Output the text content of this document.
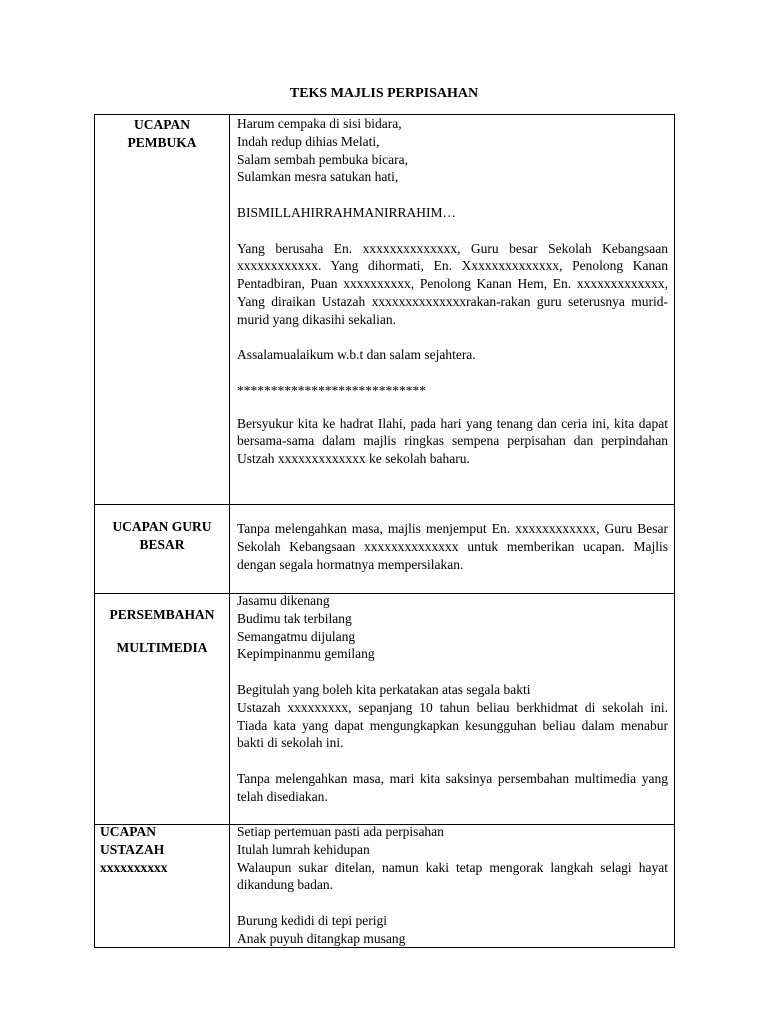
TEKS MAJLIS PERPISAHAN
UCAPAN
PEMBUKA

Harum cempaka di sisi bidara,

Indah redup dihias Melati,

Salam sembah pembuka bicara,

Sulamkan mesra satukan hati,

BISMILLAHIRRAHMANIRRAHIM…

Yang berusaha En. xxxxxxxxxxxxxx, Guru besar Sekolah Kebangsaan xxxxxxxxxxxx. Yang dihormati, En. Xxxxxxxxxxxxxx, Penolong Kanan Pentadbiran, Puan xxxxxxxxxx, Penolong Kanan Hem, En. xxxxxxxxxxxxx, Yang diraikan Ustazah xxxxxxxxxxxxxxrakan-rakan guru seterusnya murid-murid yang dikasihi sekalian.

Assalamualaikum w.b.t dan salam sejahtera.

****************************

Bersyukur kita ke hadrat Ilahi, pada hari yang tenang dan ceria ini, kita dapat bersama-sama dalam majlis ringkas sempena perpisahan dan perpindahan Ustzah xxxxxxxxxxxxx ke sekolah baharu.

UCAPAN GURU
BESAR

Tanpa melengahkan masa, majlis menjemput En. xxxxxxxxxxxx, Guru Besar Sekolah Kebangsaan xxxxxxxxxxxxxx untuk memberikan ucapan. Majlis dengan segala hormatnya mempersilakan.

PERSEMBAHAN
MULTIMEDIA

Jasamu dikenang

Budimu tak terbilang

Semangatmu dijulang

Kepimpinanmu gemilang

Begitulah yang boleh kita perkatakan atas segala bakti

Ustazah xxxxxxxxx, sepanjang 10 tahun beliau berkhidmat di sekolah ini. Tiada kata yang dapat mengungkapkan kesungguhan beliau dalam menabur bakti di sekolah ini.

Tanpa melengahkan masa, mari kita saksinya persembahan multimedia yang telah disediakan.

UCAPAN
USTAZAH
xxxxxxxxxx

Setiap pertemuan pasti ada perpisahan

Itulah lumrah kehidupan

Walaupun sukar ditelan, namun kaki tetap mengorak langkah selagi hayat dikandung badan.

Burung kedidi di tepi perigi

Anak puyuh ditangkap musang
